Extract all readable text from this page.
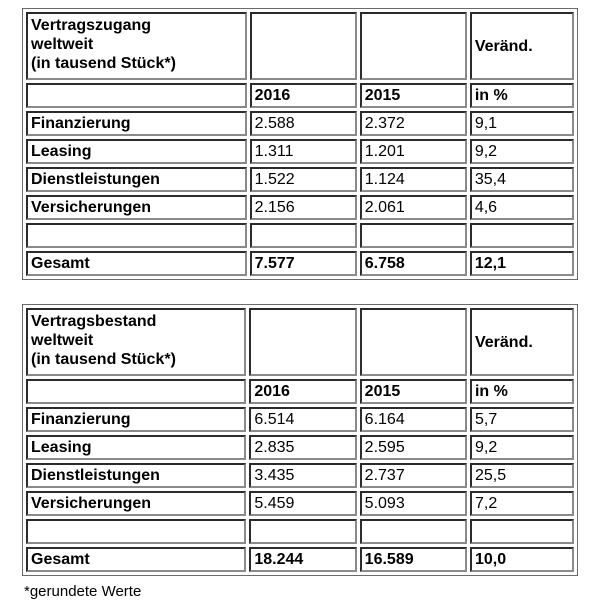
Vertragszugang
weltweit
(in tausend Stück*)			Veränd.
	2016	2015	in %
Finanzierung	2.588	2.372	9,1
Leasing	1.311	1.201	9,2
Dienstleistungen	1.522	1.124	35,4
Versicherungen	2.156	2.061	4,6

Gesamt	7.577	6.758	12,1
Vertragsbestand
weltweit
(in tausend Stück*)			Veränd.
	2016	2015	in %
Finanzierung	6.514	6.164	5,7
Leasing	2.835	2.595	9,2
Dienstleistungen	3.435	2.737	25,5
Versicherungen	5.459	5.093	7,2

Gesamt	18.244	16.589	10,0
*gerundete Werte
